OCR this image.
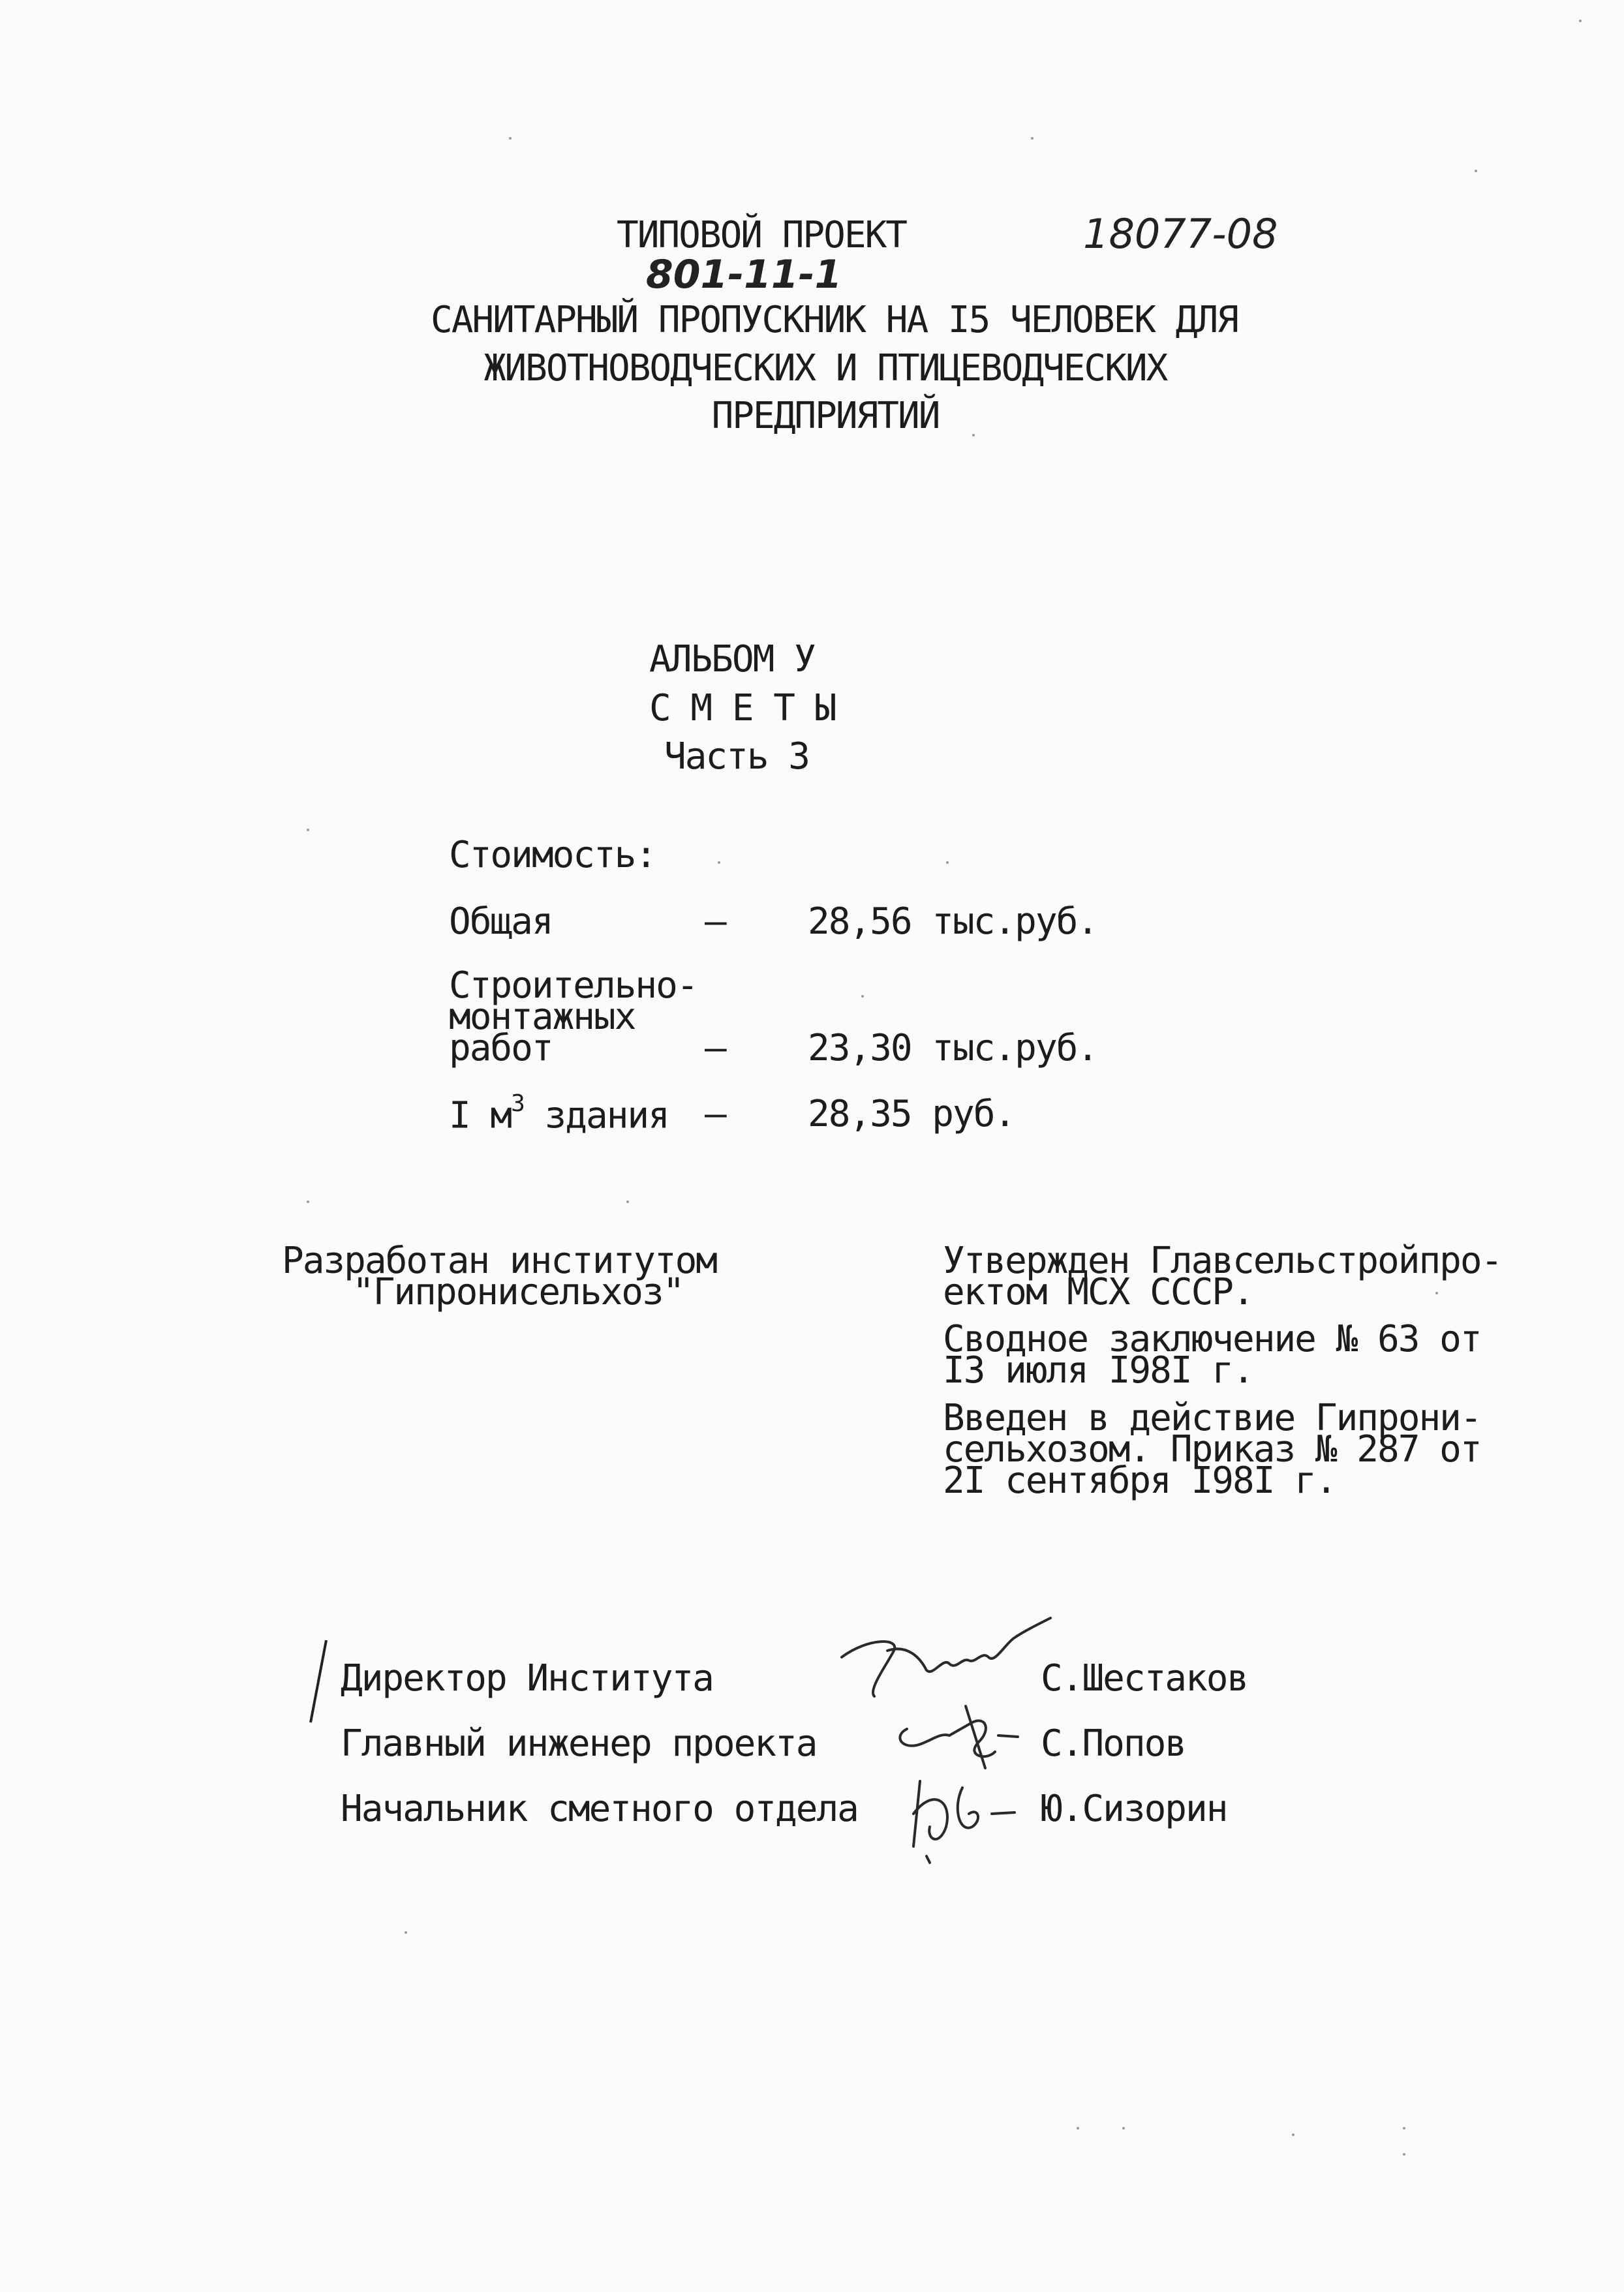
ТИПОВОЙ ПРОЕКТ	18077-08
801-11-1
САНИТАРНЫЙ ПРОПУСКНИК НА I5 ЧЕЛОВЕК ДЛЯ
ЖИВОТНОВОДЧЕСКИХ И ПТИЦЕВОДЧЕСКИХ
ПРЕДПРИЯТИЙ
АЛЬБОМ У
С М Е Т Ы
Часть 3
Стоимость:
Общая	– 28,56 тыс.руб.
Строительно-
монтажных
работ	– 23,30 тыс.руб.
I $м^3$ здания – 28,35 руб.
Разработан институтом
"Гипронисельхоз"
Утвержден Главсельстройпро-
ектом МСХ СССР.
Сводное заключение № 63 от
I3 июля I98I г.
Введен в действие Гипрони-
сельхозом. Приказ № 287 от
2I сентября I98I г.
Директор Института	С.Шестаков
Главный инженер проекта	С.Попов
Начальник сметного отдела	Ю.Сизорин
